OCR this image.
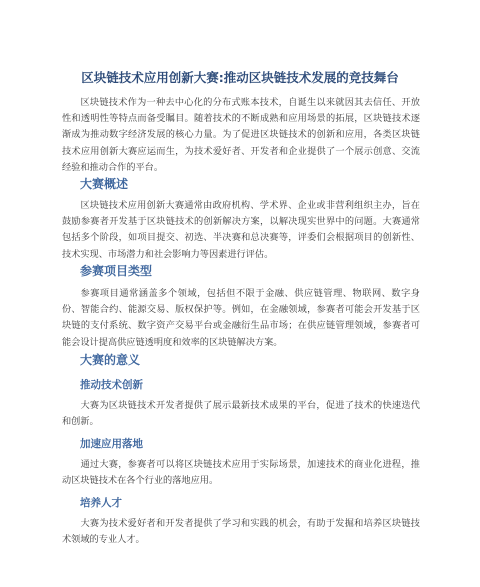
区块链技术应用创新大赛:推动区块链技术发展的竞技舞台

区块链技术作为一种去中心化的分布式账本技术，自诞生以来就因其去信任、开放性和透明性等特点而备受瞩目。随着技术的不断成熟和应用场景的拓展，区块链技术逐渐成为推动数字经济发展的核心力量。为了促进区块链技术的创新和应用，各类区块链技术应用创新大赛应运而生，为技术爱好者、开发者和企业提供了一个展示创意、交流经验和推动合作的平台。

大赛概述

区块链技术应用创新大赛通常由政府机构、学术界、企业或非营利组织主办，旨在鼓励参赛者开发基于区块链技术的创新解决方案，以解决现实世界中的问题。大赛通常包括多个阶段，如项目提交、初选、半决赛和总决赛等，评委们会根据项目的创新性、技术实现、市场潜力和社会影响力等因素进行评估。

参赛项目类型

参赛项目通常涵盖多个领域，包括但不限于金融、供应链管理、物联网、数字身份、智能合约、能源交易、版权保护等。例如，在金融领域，参赛者可能会开发基于区块链的支付系统、数字资产交易平台或金融衍生品市场；在供应链管理领域，参赛者可能会设计提高供应链透明度和效率的区块链解决方案。

大赛的意义
推动技术创新

大赛为区块链技术开发者提供了展示最新技术成果的平台，促进了技术的快速迭代和创新。

加速应用落地

通过大赛，参赛者可以将区块链技术应用于实际场景，加速技术的商业化进程，推动区块链技术在各个行业的落地应用。

培养人才

大赛为技术爱好者和开发者提供了学习和实践的机会，有助于发掘和培养区块链技术领域的专业人才。
